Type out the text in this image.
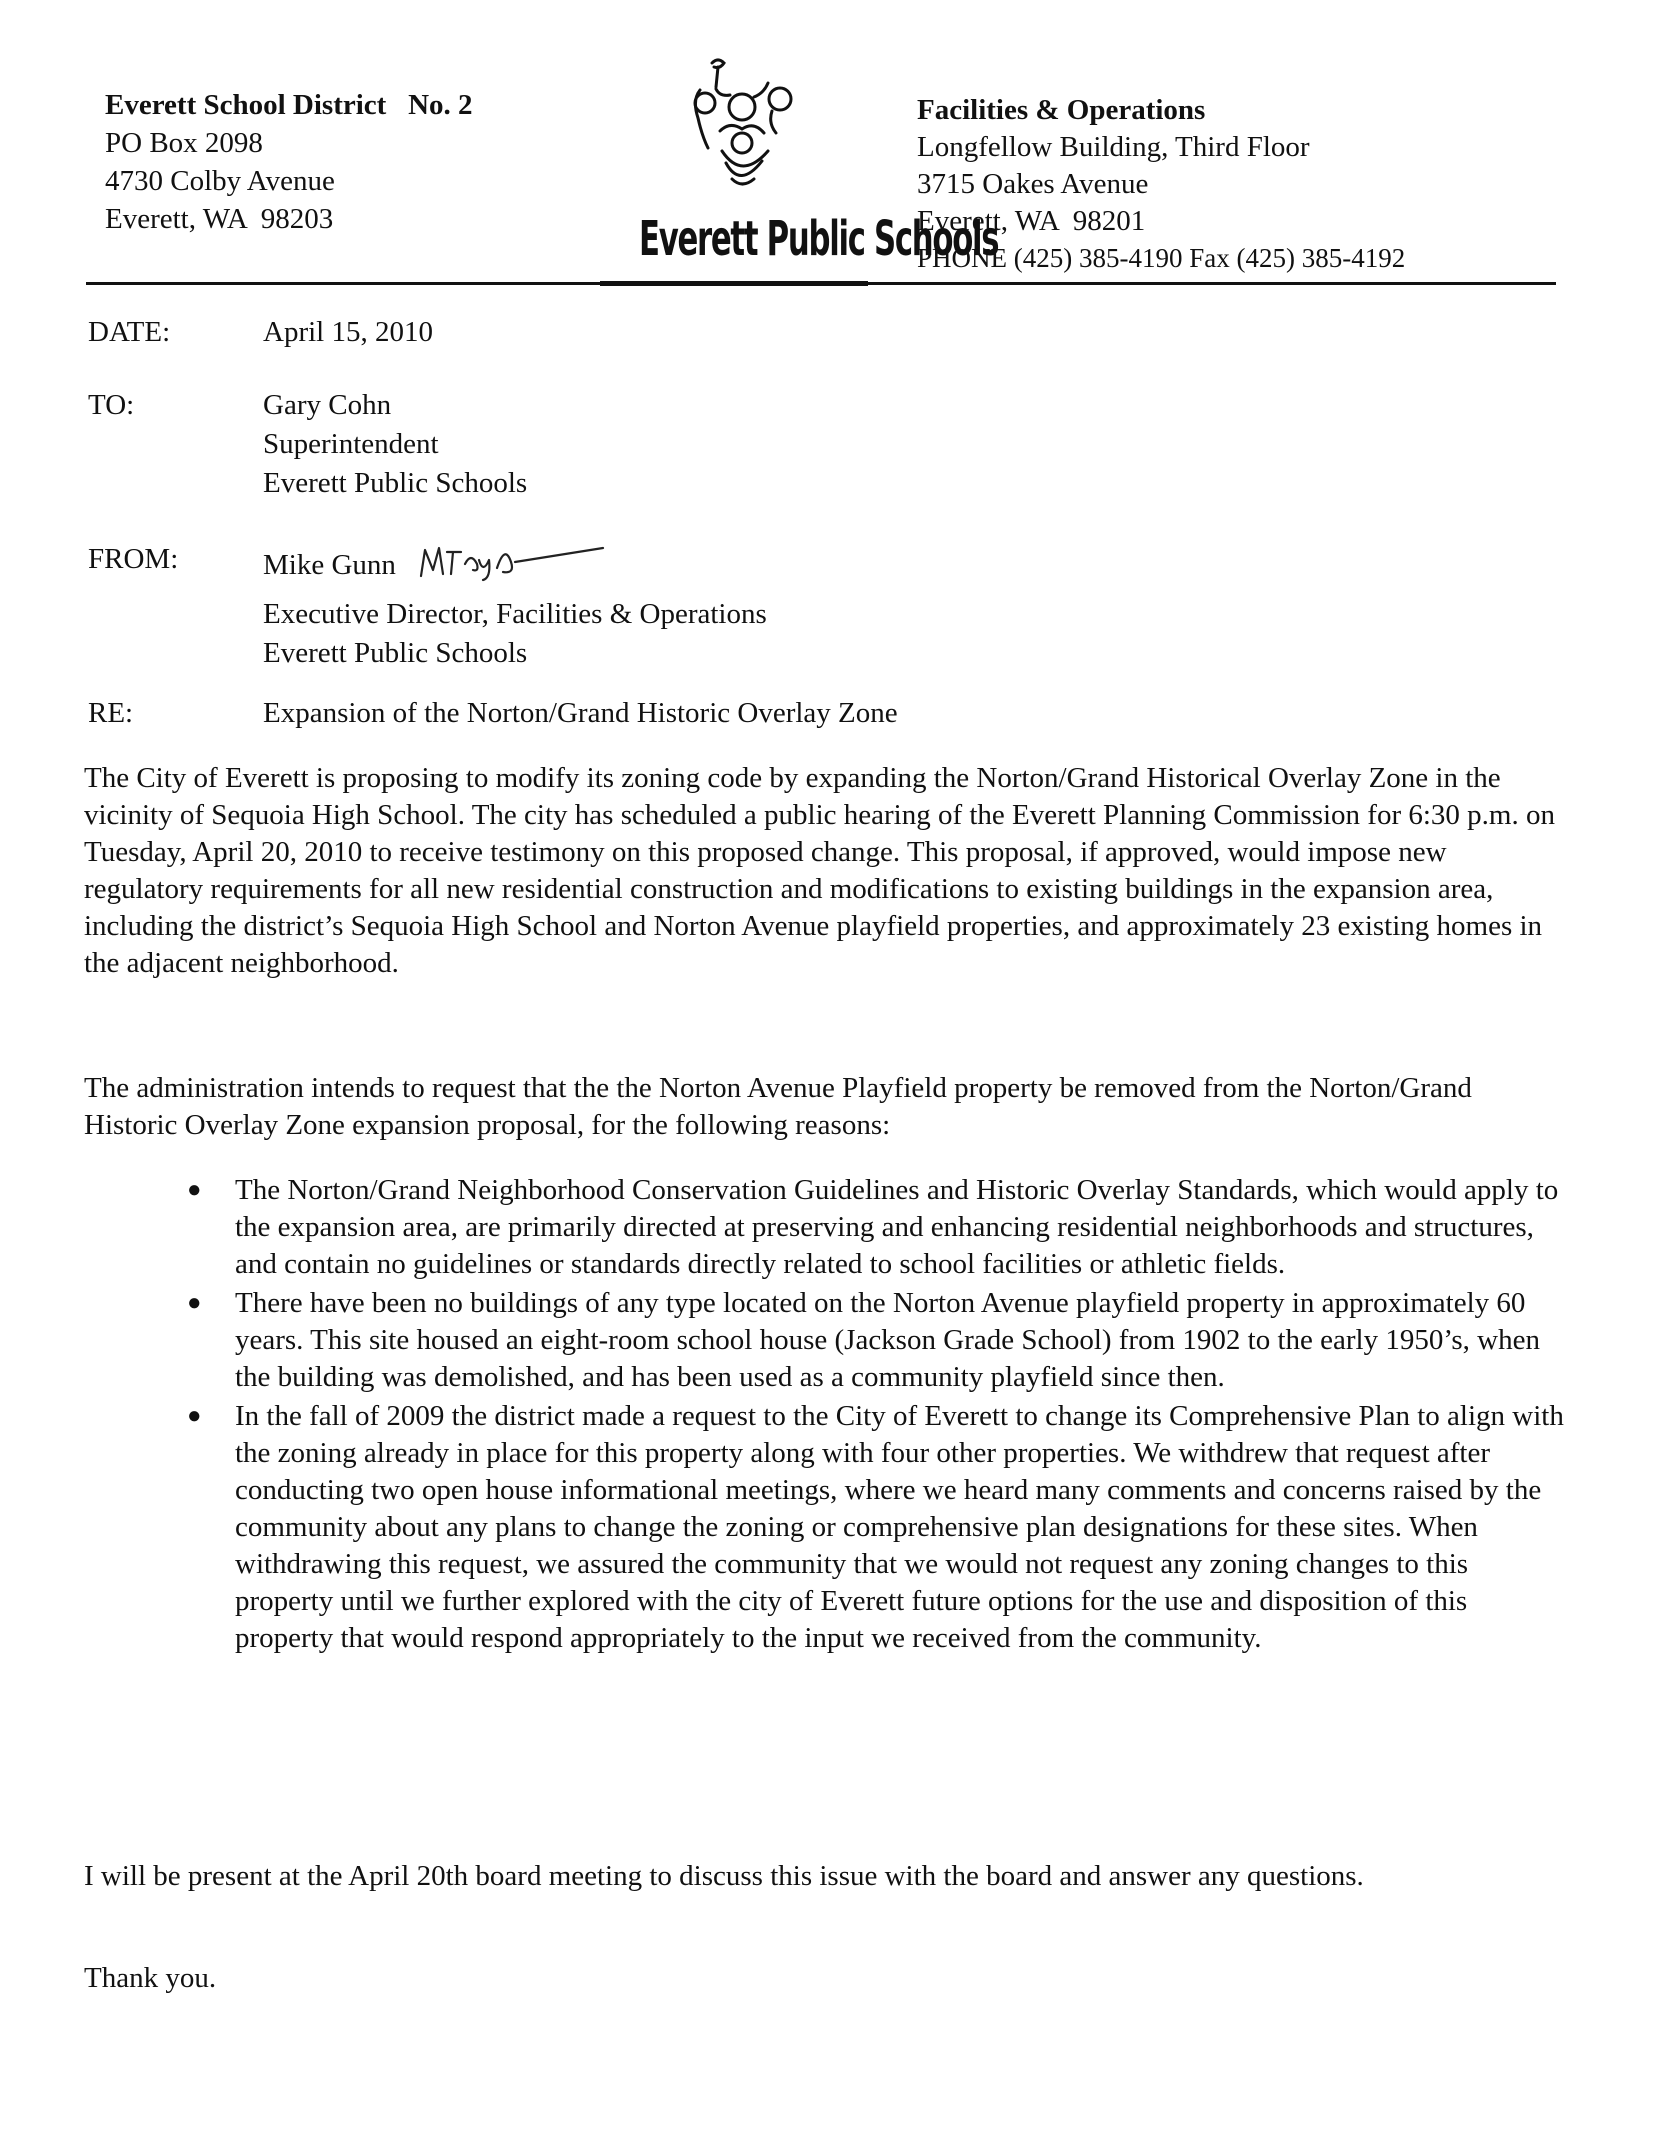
Everett School District   No. 2
PO Box 2098
4730 Colby Avenue
Everett, WA  98203	Everett Public Schools
Facilities & Operations
Longfellow Building, Third Floor
3715 Oakes Avenue
Everett, WA  98201
PHONE (425) 385-4190 Fax (425) 385-4192
DATE:	April 15, 2010
TO:	Gary Cohn
Superintendent
Everett Public Schools
FROM:	Mike Gunn
Executive Director, Facilities & Operations
Everett Public Schools
RE:	Expansion of the Norton/Grand Historic Overlay Zone

The City of Everett is proposing to modify its zoning code by expanding the Norton/Grand Historical Overlay Zone in the vicinity of Sequoia High School. The city has scheduled a public hearing of the Everett Planning Commission for 6:30 p.m. on Tuesday, April 20, 2010 to receive testimony on this proposed change. This proposal, if approved, would impose new regulatory requirements for all new residential construction and modifications to existing buildings in the expansion area, including the district’s Sequoia High School and Norton Avenue playfield properties, and approximately 23 existing homes in the adjacent neighborhood.

The administration intends to request that the the Norton Avenue Playfield property be removed from the Norton/Grand Historic Overlay Zone expansion proposal, for the following reasons:

● The Norton/Grand Neighborhood Conservation Guidelines and Historic Overlay Standards, which would apply to the expansion area, are primarily directed at preserving and enhancing residential neighborhoods and structures, and contain no guidelines or standards directly related to school facilities or athletic fields.
● There have been no buildings of any type located on the Norton Avenue playfield property in approximately 60 years. This site housed an eight-room school house (Jackson Grade School) from 1902 to the early 1950’s, when the building was demolished, and has been used as a community playfield since then.
● In the fall of 2009 the district made a request to the City of Everett to change its Comprehensive Plan to align with the zoning already in place for this property along with four other properties. We withdrew that request after conducting two open house informational meetings, where we heard many comments and concerns raised by the community about any plans to change the zoning or comprehensive plan designations for these sites. When withdrawing this request, we assured the community that we would not request any zoning changes to this property until we further explored with the city of Everett future options for the use and disposition of this property that would respond appropriately to the input we received from the community.

I will be present at the April 20th board meeting to discuss this issue with the board and answer any questions.

Thank you.
